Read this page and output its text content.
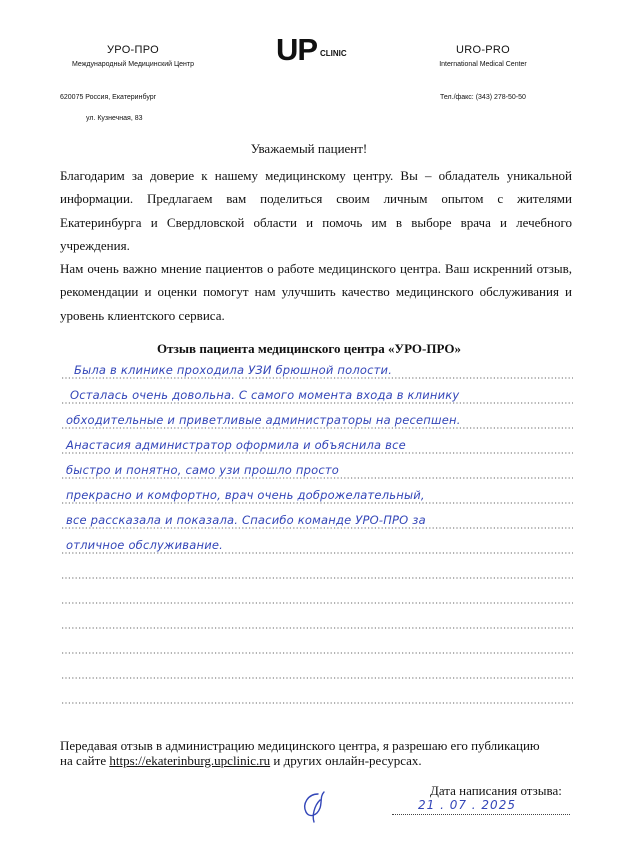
УРО-ПРО
Международный Медицинский Центр	UP CLINIC	URO-PRO
International Medical Center
620075 Россия, Екатеринбург
ул. Кузнечная, 83
Тел./факс: (343) 278-50-50
Уважаемый пациент!
Благодарим за доверие к нашему медицинскому центру. Вы – обладатель уникальной информации. Предлагаем вам поделиться своим личным опытом с жителями Екатеринбурга и Свердловской области и помочь им в выборе врача и лечебного учреждения.
Нам очень важно мнение пациентов о работе медицинского центра. Ваш искренний отзыв, рекомендации и оценки помогут нам улучшить качество медицинского обслуживания и уровень клиентского сервиса.
Отзыв пациента медицинского центра «УРО-ПРО»
Была в клинике проходила УЗИ брюшной полости.
Осталась очень довольна. С самого момента входа в клинику
обходительные и приветливые администраторы на ресепшен.
Анастасия администратор оформила и объяснила все
быстро и понятно, само узи прошло просто
прекрасно и комфортно, врач очень доброжелательный,
все рассказала и показала. Спасибо команде УРО-ПРО за
отличное обслуживание.
Передавая отзыв в администрацию медицинского центра, я разрешаю его публикацию
на сайте https://ekaterinburg.upclinic.ru и других онлайн-ресурсах.
Дата написания отзыва:
21 . 07 . 2025
